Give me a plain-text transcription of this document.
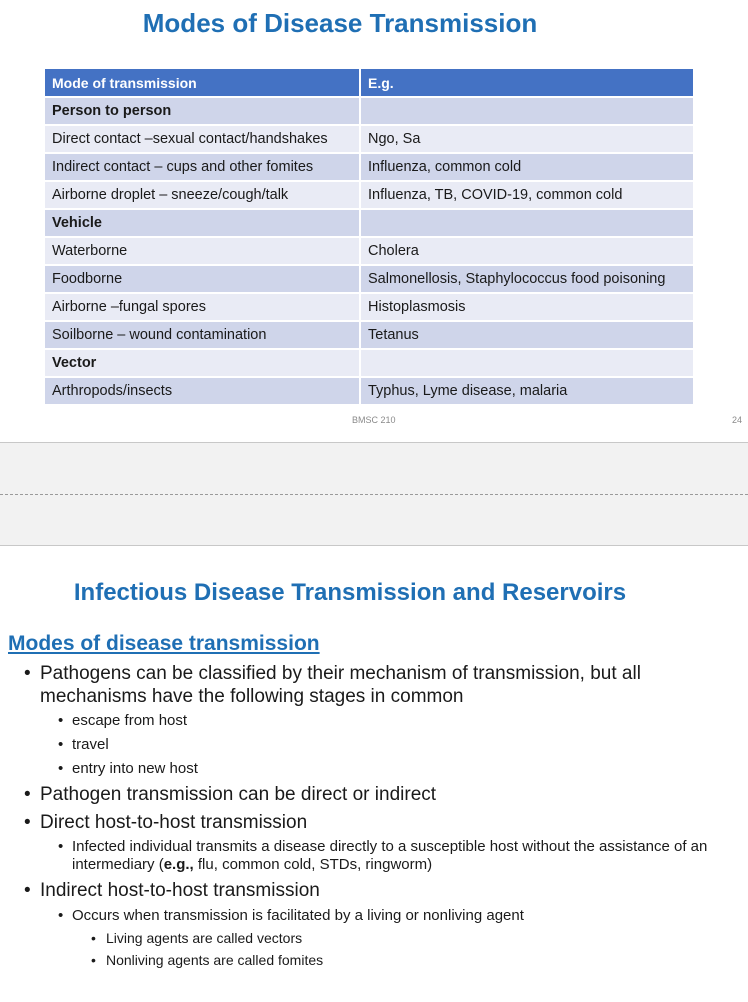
Modes of Disease Transmission
Mode of transmission	E.g.
Person to person	
Direct contact –sexual contact/handshakes	Ngo, Sa
Indirect contact – cups and other fomites	Influenza, common cold
Airborne droplet – sneeze/cough/talk	Influenza, TB, COVID-19, common cold
Vehicle	
Waterborne	Cholera
Foodborne	Salmonellosis, Staphylococcus food poisoning
Airborne –fungal spores	Histoplasmosis
Soilborne – wound contamination	Tetanus
Vector	
Arthropods/insects	Typhus, Lyme disease, malaria
BMSC 210	24
Infectious Disease Transmission and Reservoirs
Modes of disease transmission
• Pathogens can be classified by their mechanism of transmission, but all mechanisms have the following stages in common
• escape from host
• travel
• entry into new host
• Pathogen transmission can be direct or indirect
• Direct host-to-host transmission
• Infected individual transmits a disease directly to a susceptible host without the assistance of an intermediary (e.g., flu, common cold, STDs, ringworm)
• Indirect host-to-host transmission
• Occurs when transmission is facilitated by a living or nonliving agent
• Living agents are called vectors
• Nonliving agents are called fomites
